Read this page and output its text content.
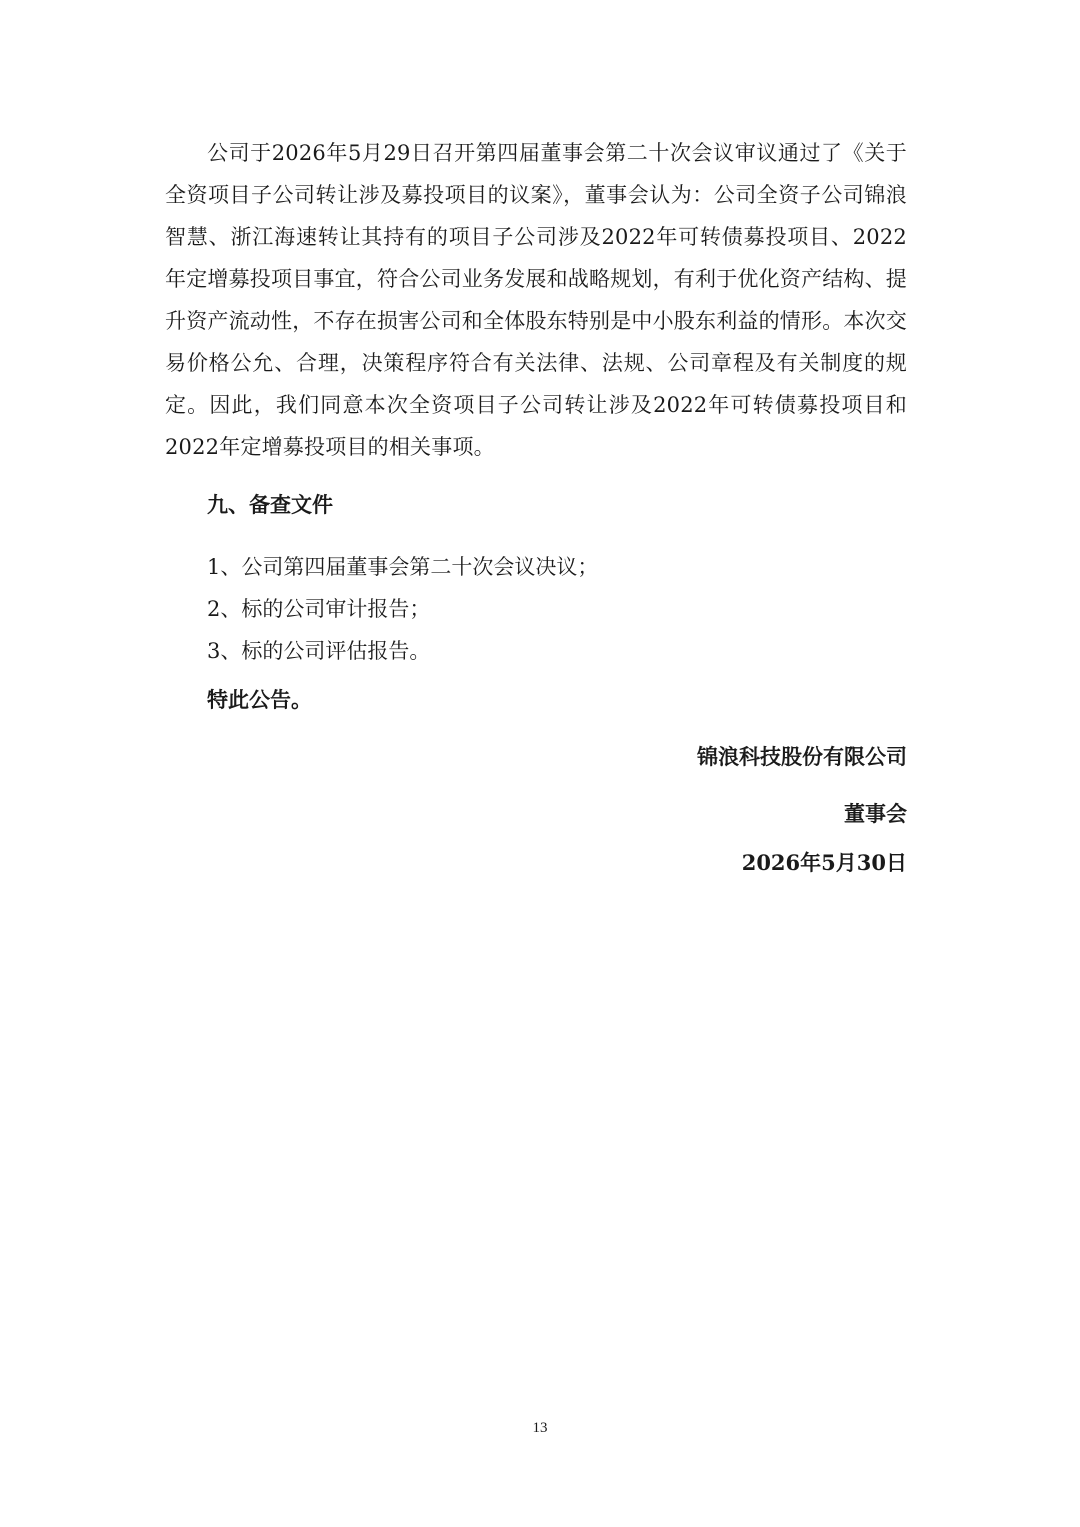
公司于2026年5月29日召开第四届董事会第二十次会议审议通过了《关于全资项目子公司转让涉及募投项目的议案》，董事会认为：公司全资子公司锦浪智慧、浙江海速转让其持有的项目子公司涉及2022年可转债募投项目、2022年定增募投项目事宜，符合公司业务发展和战略规划，有利于优化资产结构、提升资产流动性，不存在损害公司和全体股东特别是中小股东利益的情形。本次交易价格公允、合理，决策程序符合有关法律、法规、公司章程及有关制度的规定。因此，我们同意本次全资项目子公司转让涉及2022年可转债募投项目和2022年定增募投项目的相关事项。

九、备查文件

1、公司第四届董事会第二十次会议决议；
2、标的公司审计报告；
3、标的公司评估报告。

特此公告。

锦浪科技股份有限公司

董事会

2026年5月30日

13
